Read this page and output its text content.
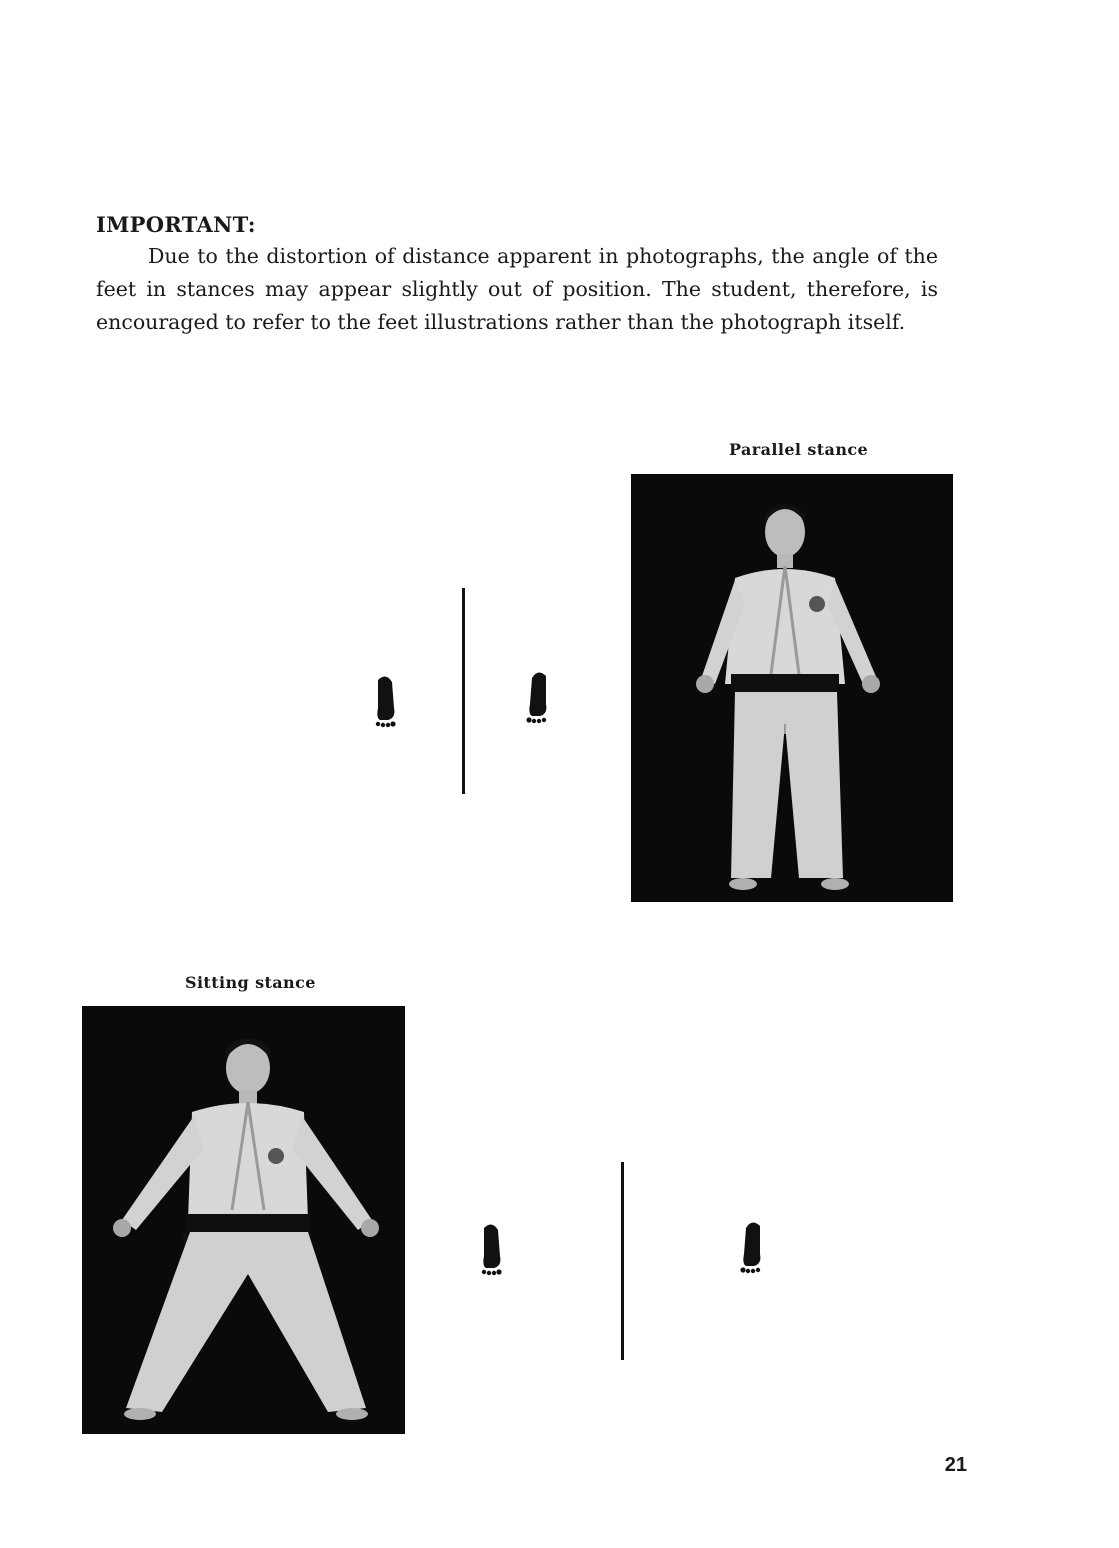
IMPORTANT:

Due to the distortion of distance apparent in photographs, the angle of the feet in stances may appear slightly out of position. The student, therefore, is encouraged to refer to the feet illustrations rather than the photograph itself.

Parallel stance
Sitting stance
21
